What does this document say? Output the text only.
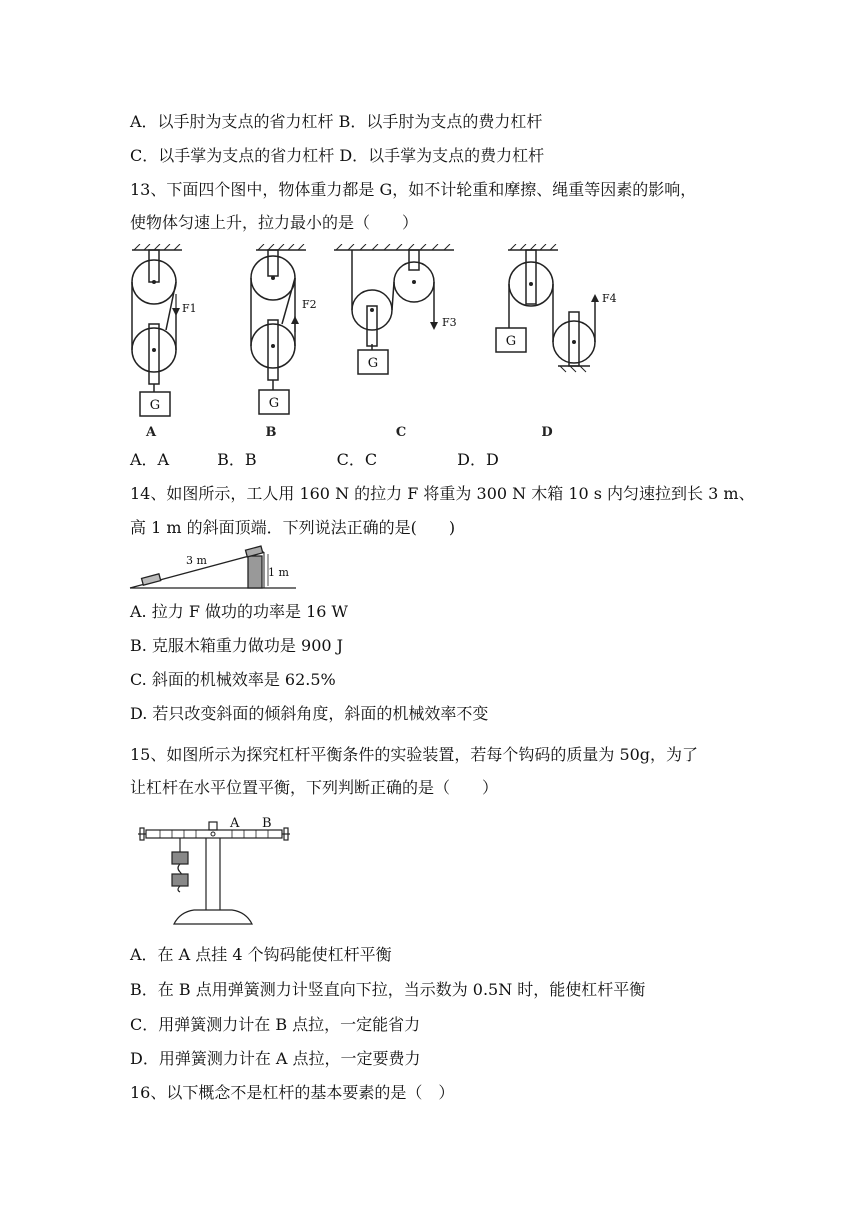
A．以手肘为支点的省力杠杆 B．以手肘为支点的费力杠杆
C．以手掌为支点的省力杠杆 D．以手掌为支点的费力杠杆
13、下面四个图中，物体重力都是 G，如不计轮重和摩擦、绳重等因素的影响，
使物体匀速上升，拉力最小的是（　　）
G	G
G
G
F1	F2
F3
F4
A	B	C	D
A．A　　　B．B　　　　　C．C　　　　　D．D
14、如图所示，工人用 160 N 的拉力 F 将重为 300 N 木箱 10 s 内匀速拉到长 3 m、
高 1 m 的斜面顶端．下列说法正确的是(　　)
3 m
1 m
A. 拉力 F 做功的功率是 16 W
B. 克服木箱重力做功是 900 J
C. 斜面的机械效率是 62.5%
D. 若只改变斜面的倾斜角度，斜面的机械效率不变
15、如图所示为探究杠杆平衡条件的实验装置，若每个钩码的质量为 50g，为了
让杠杆在水平位置平衡，下列判断正确的是（　　）
A B
A．在 A 点挂 4 个钩码能使杠杆平衡
B．在 B 点用弹簧测力计竖直向下拉，当示数为 0.5N 时，能使杠杆平衡
C．用弹簧测力计在 B 点拉，一定能省力
D．用弹簧测力计在 A 点拉，一定要费力
16、以下概念不是杠杆的基本要素的是（　）
